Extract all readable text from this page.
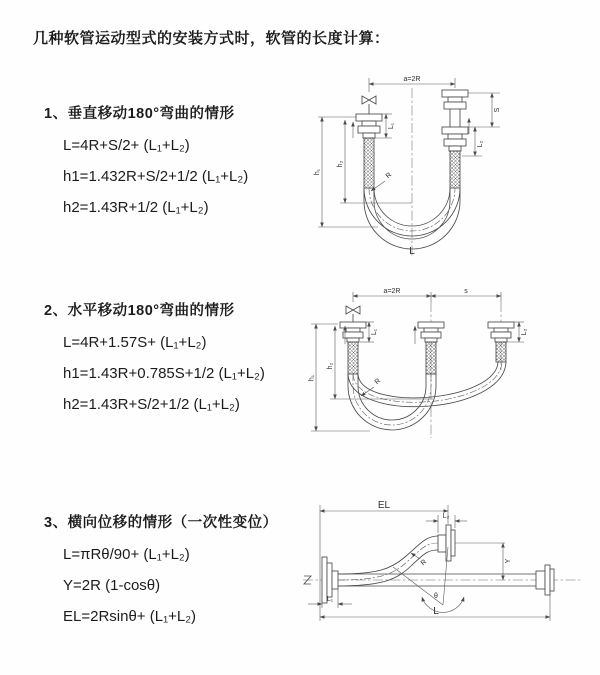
几种软管运动型式的安装方式时，软管的长度计算：
1、垂直移动180°弯曲的情形
L=4R+S/2+ (L₁+L₂)
h1=1.432R+S/2+1/2 (L₁+L₂)
h2=1.43R+1/2 (L₁+L₂)
2、水平移动180°弯曲的情形
L=4R+1.57S+ (L₁+L₂)
h1=1.43R+0.785S+1/2 (L₁+L₂)
h2=1.43R+S/2+1/2 (L₁+L₂)
3、横向位移的情形（一次性变位）
L=πRθ/90+ (L₁+L₂)
Y=2R (1-cosθ)
EL=2Rsinθ+ (L₁+L₂)
a=2R
h₁
h₂
L₁
S
L₂
R
L
a=2R	s
h₁
h₂
L₁	L₂
R
EL
L₂
Y
L
L₁
R
θ
